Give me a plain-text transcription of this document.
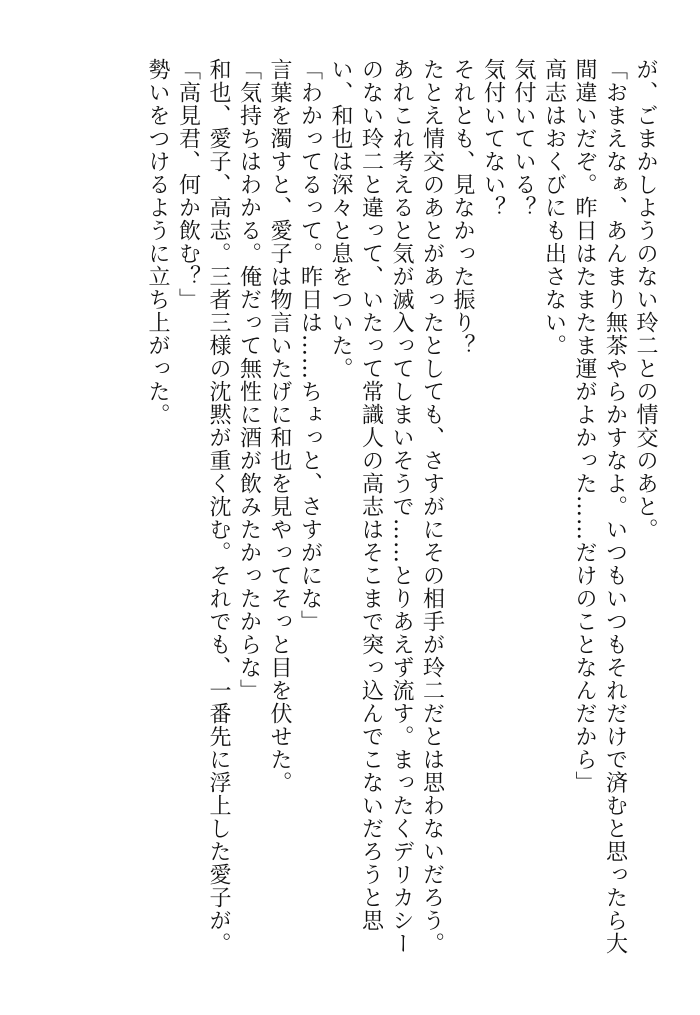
が、ごまかしようのない玲二との情交のあと。

「おまえなぁ、あんまり無茶やらかすなよ。いつもいつもそれだけで済むと思ったら大間違いだぞ。昨日はたまたま運がよかった……だけのことなんだから」

高志はおくびにも出さない。

気付いている？

気付いてない？

それとも、見なかった振り？

たとえ情交のあとがあったとしても、さすがにその相手が玲二だとは思わないだろう。

あれこれ考えると気が滅入ってしまいそうで……とりあえず流す。まったくデリカシーのない玲二と違って、いたって常識人の高志はそこまで突っ込んでこないだろうと思い、和也は深々と息をついた。

「わかってるって。昨日は……ちょっと、さすがにな」

言葉を濁すと、愛子は物言いたげに和也を見やってそっと目を伏せた。

「気持ちはわかる。俺だって無性に酒が飲みたかったからな」

和也、愛子、高志。三者三様の沈黙が重く沈む。それでも、一番先に浮上した愛子が。

「高見君、何か飲む？」

勢いをつけるように立ち上がった。
